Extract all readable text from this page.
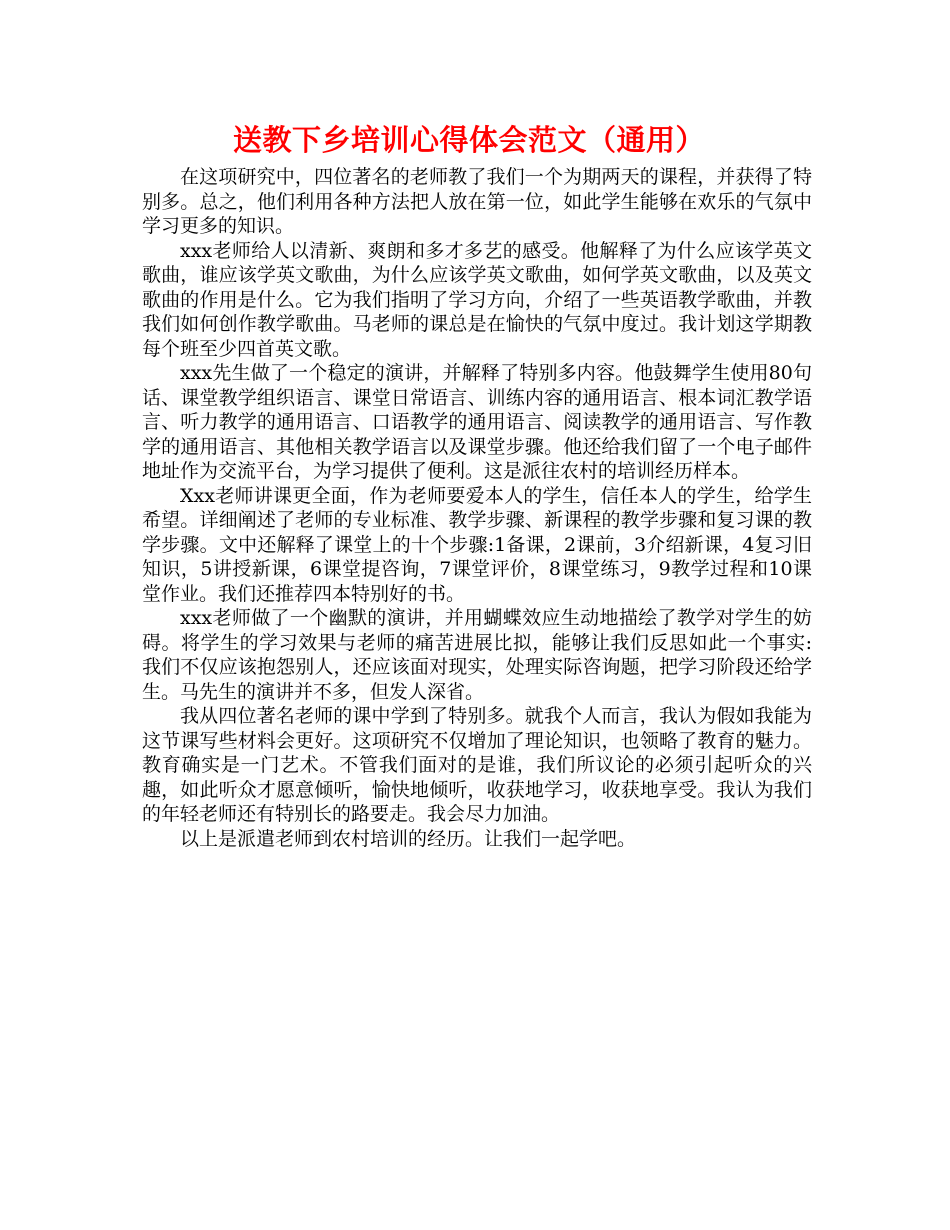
送教下乡培训心得体会范文（通用）

在这项研究中，四位著名的老师教了我们一个为期两天的课程，并获得了特别多。总之，他们利用各种方法把人放在第一位，如此学生能够在欢乐的气氛中学习更多的知识。

xxx老师给人以清新、爽朗和多才多艺的感受。他解释了为什么应该学英文歌曲，谁应该学英文歌曲，为什么应该学英文歌曲，如何学英文歌曲，以及英文歌曲的作用是什么。它为我们指明了学习方向，介绍了一些英语教学歌曲，并教我们如何创作教学歌曲。马老师的课总是在愉快的气氛中度过。我计划这学期教每个班至少四首英文歌。

xxx先生做了一个稳定的演讲，并解释了特别多内容。他鼓舞学生使用80句话、课堂教学组织语言、课堂日常语言、训练内容的通用语言、根本词汇教学语言、听力教学的通用语言、口语教学的通用语言、阅读教学的通用语言、写作教学的通用语言、其他相关教学语言以及课堂步骤。他还给我们留了一个电子邮件地址作为交流平台，为学习提供了便利。这是派往农村的培训经历样本。

Xxx老师讲课更全面，作为老师要爱本人的学生，信任本人的学生，给学生希望。详细阐述了老师的专业标准、教学步骤、新课程的教学步骤和复习课的教学步骤。文中还解释了课堂上的十个步骤:1备课，2课前，3介绍新课，4复习旧知识，5讲授新课，6课堂提咨询，7课堂评价，8课堂练习，9教学过程和10课堂作业。我们还推荐四本特别好的书。

xxx老师做了一个幽默的演讲，并用蝴蝶效应生动地描绘了教学对学生的妨碍。将学生的学习效果与老师的痛苦进展比拟，能够让我们反思如此一个事实:我们不仅应该抱怨别人，还应该面对现实，处理实际咨询题，把学习阶段还给学生。马先生的演讲并不多，但发人深省。

我从四位著名老师的课中学到了特别多。就我个人而言，我认为假如我能为这节课写些材料会更好。这项研究不仅增加了理论知识，也领略了教育的魅力。教育确实是一门艺术。不管我们面对的是谁，我们所议论的必须引起听众的兴趣，如此听众才愿意倾听，愉快地倾听，收获地学习，收获地享受。我认为我们的年轻老师还有特别长的路要走。我会尽力加油。

以上是派遣老师到农村培训的经历。让我们一起学吧。
